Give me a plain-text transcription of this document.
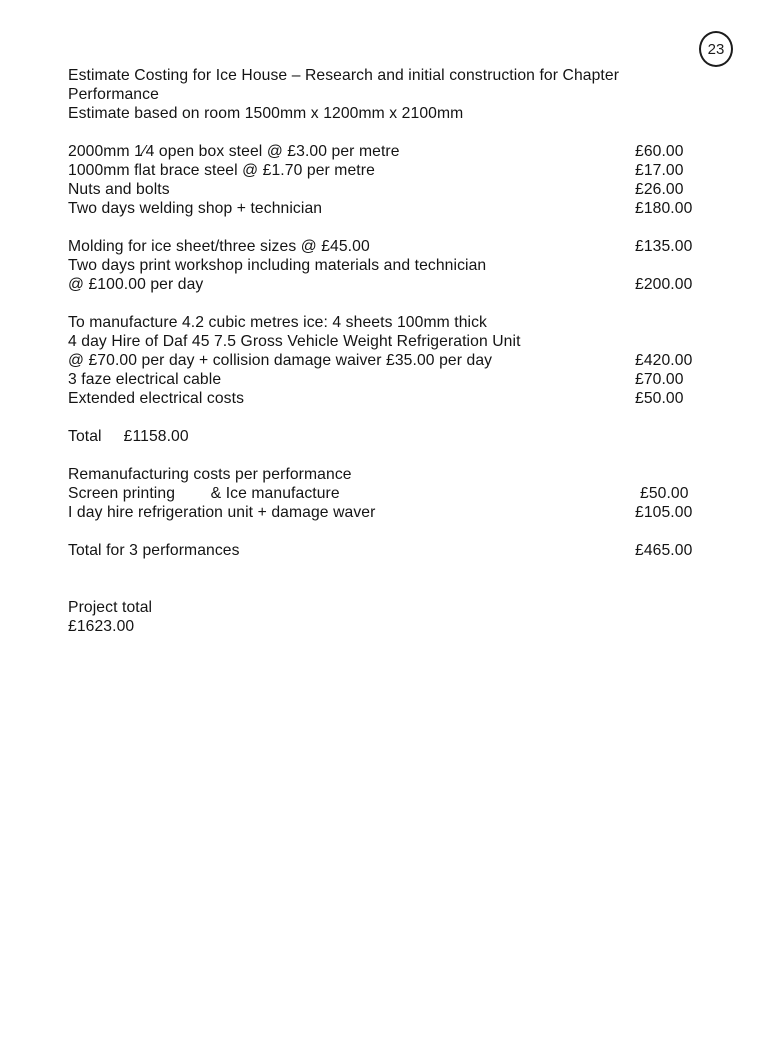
23
Estimate Costing for Ice House – Research and initial construction for Chapter
Performance
Estimate based on room 1500mm x 1200mm x 2100mm
2000mm 1⁄4 open box steel @ £3.00 per metre	£60.00
1000mm flat brace steel @ £1.70 per metre	£17.00
Nuts and bolts	£26.00
Two days welding shop + technician	£180.00
Molding for ice sheet/three sizes @ £45.00	£135.00
Two days print workshop including materials and technician
@ £100.00 per day	£200.00
To manufacture 4.2 cubic metres ice: 4 sheets 100mm thick
4 day Hire of Daf 45 7.5 Gross Vehicle Weight Refrigeration Unit
@ £70.00 per day + collision damage waiver £35.00 per day	£420.00
3 faze electrical cable	£70.00
Extended electrical costs	£50.00
Total £1158.00
Remanufacturing costs per performance
Screen printing        & Ice manufacture	£50.00
I day hire refrigeration unit + damage waver	£105.00
Total for 3 performances	£465.00
Project total
£1623.00
